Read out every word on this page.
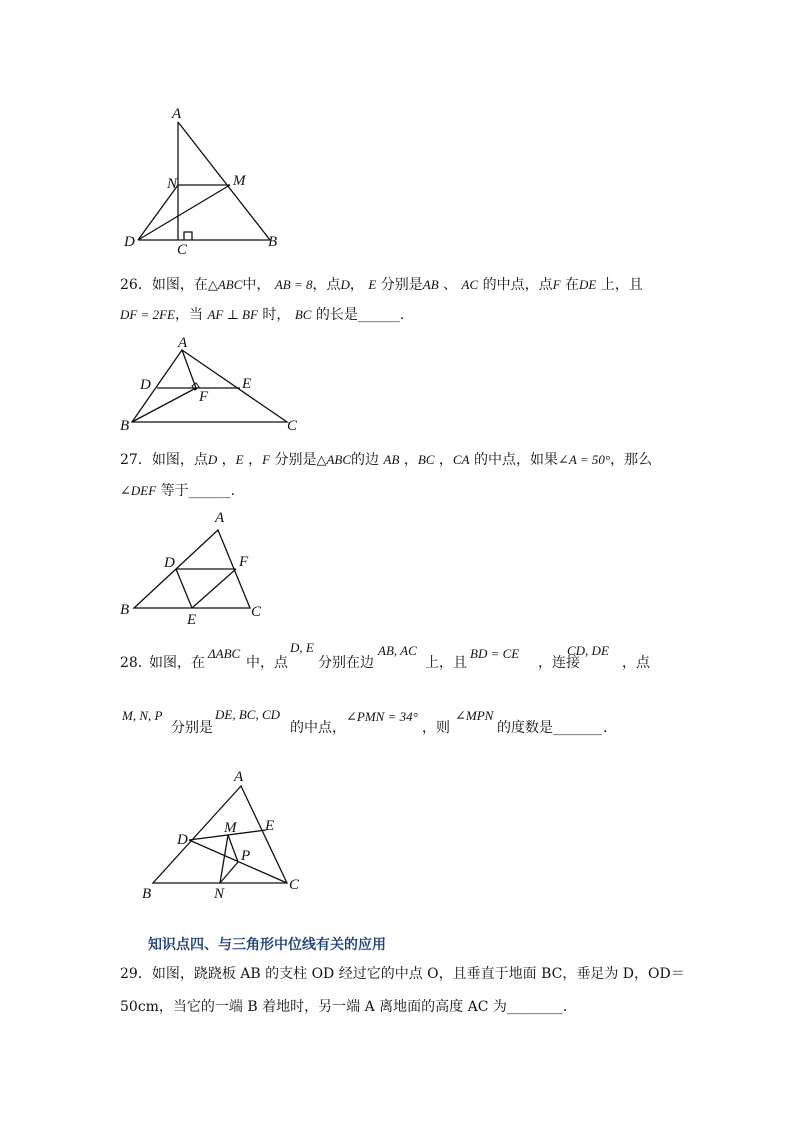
A
N	M
D	C	B
26．如图，在△ABC中， AB = 8，点D， E 分别是AB 、 AC 的中点，点F 在DE 上，且
DF = 2FE，当 AF ⊥ BF 时， BC 的长是______.
A
D	E
F
B	C
27．如图，点D ，E ，F 分别是△ABC的边 AB ，BC ，CA 的中点，如果∠A = 50°，那么
∠DEF 等于______.
A
D	F
B
E	C
28．
如图，在
ΔABC
中，点
D, E
分别在边
AB, AC
上，且
BD = CE
，连接
CD, DE
，点
M, N, P
分别是
DE, BC, CD
的中点，
∠PMN = 34°
，则
∠MPN
的度数是 _______ .
A
M E
D
P
B	N
C
知识点四、与三角形中位线有关的应用
29．如图，跷跷板 AB 的支柱 OD 经过它的中点 O，且垂直于地面 BC，垂足为 D，OD＝
50cm，当它的一端 B 着地时，另一端 A 离地面的高度 AC 为________.
